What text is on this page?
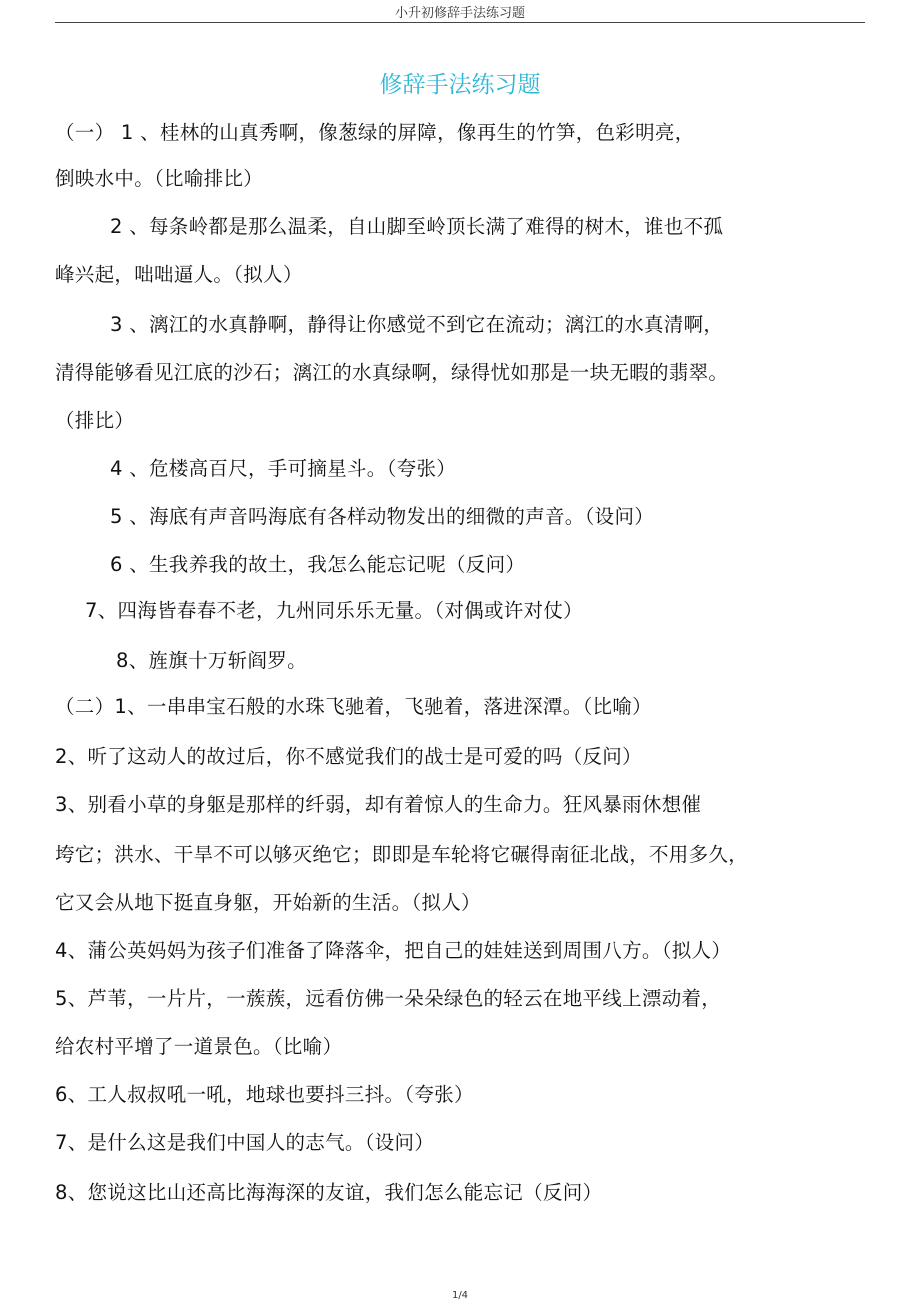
小升初修辞手法练习题
修辞手法练习题
（一） 1 、桂林的山真秀啊，像葱绿的屏障，像再生的竹笋，色彩明亮，
倒映水中。（比喻排比）
2 、每条岭都是那么温柔，自山脚至岭顶长满了难得的树木，谁也不孤
峰兴起，咄咄逼人。（拟人）
3 、漓江的水真静啊，静得让你感觉不到它在流动；漓江的水真清啊，
清得能够看见江底的沙石；漓江的水真绿啊，绿得忧如那是一块无暇的翡翠。
（排比）
4 、危楼高百尺，手可摘星斗。（夸张）
5 、海底有声音吗海底有各样动物发出的细微的声音。（设问）
6 、生我养我的故土，我怎么能忘记呢（反问）
7、四海皆春春不老，九州同乐乐无量。（对偶或许对仗）
8、旌旗十万斩阎罗。
（二）1、一串串宝石般的水珠飞驰着，飞驰着，落进深潭。（比喻）
2、听了这动人的故过后，你不感觉我们的战士是可爱的吗（反问）
3、别看小草的身躯是那样的纤弱，却有着惊人的生命力。狂风暴雨休想催
垮它；洪水、干旱不可以够灭绝它；即即是车轮将它碾得南征北战，不用多久，
它又会从地下挺直身躯，开始新的生活。（拟人）
4、蒲公英妈妈为孩子们准备了降落伞，把自己的娃娃送到周围八方。（拟人）
5、芦苇，一片片，一蔟蔟，远看仿佛一朵朵绿色的轻云在地平线上漂动着，
给农村平增了一道景色。（比喻）
6、工人叔叔吼一吼，地球也要抖三抖。（夸张）
7、是什么这是我们中国人的志气。（设问）
8、您说这比山还高比海海深的友谊，我们怎么能忘记（反问）
1/4
